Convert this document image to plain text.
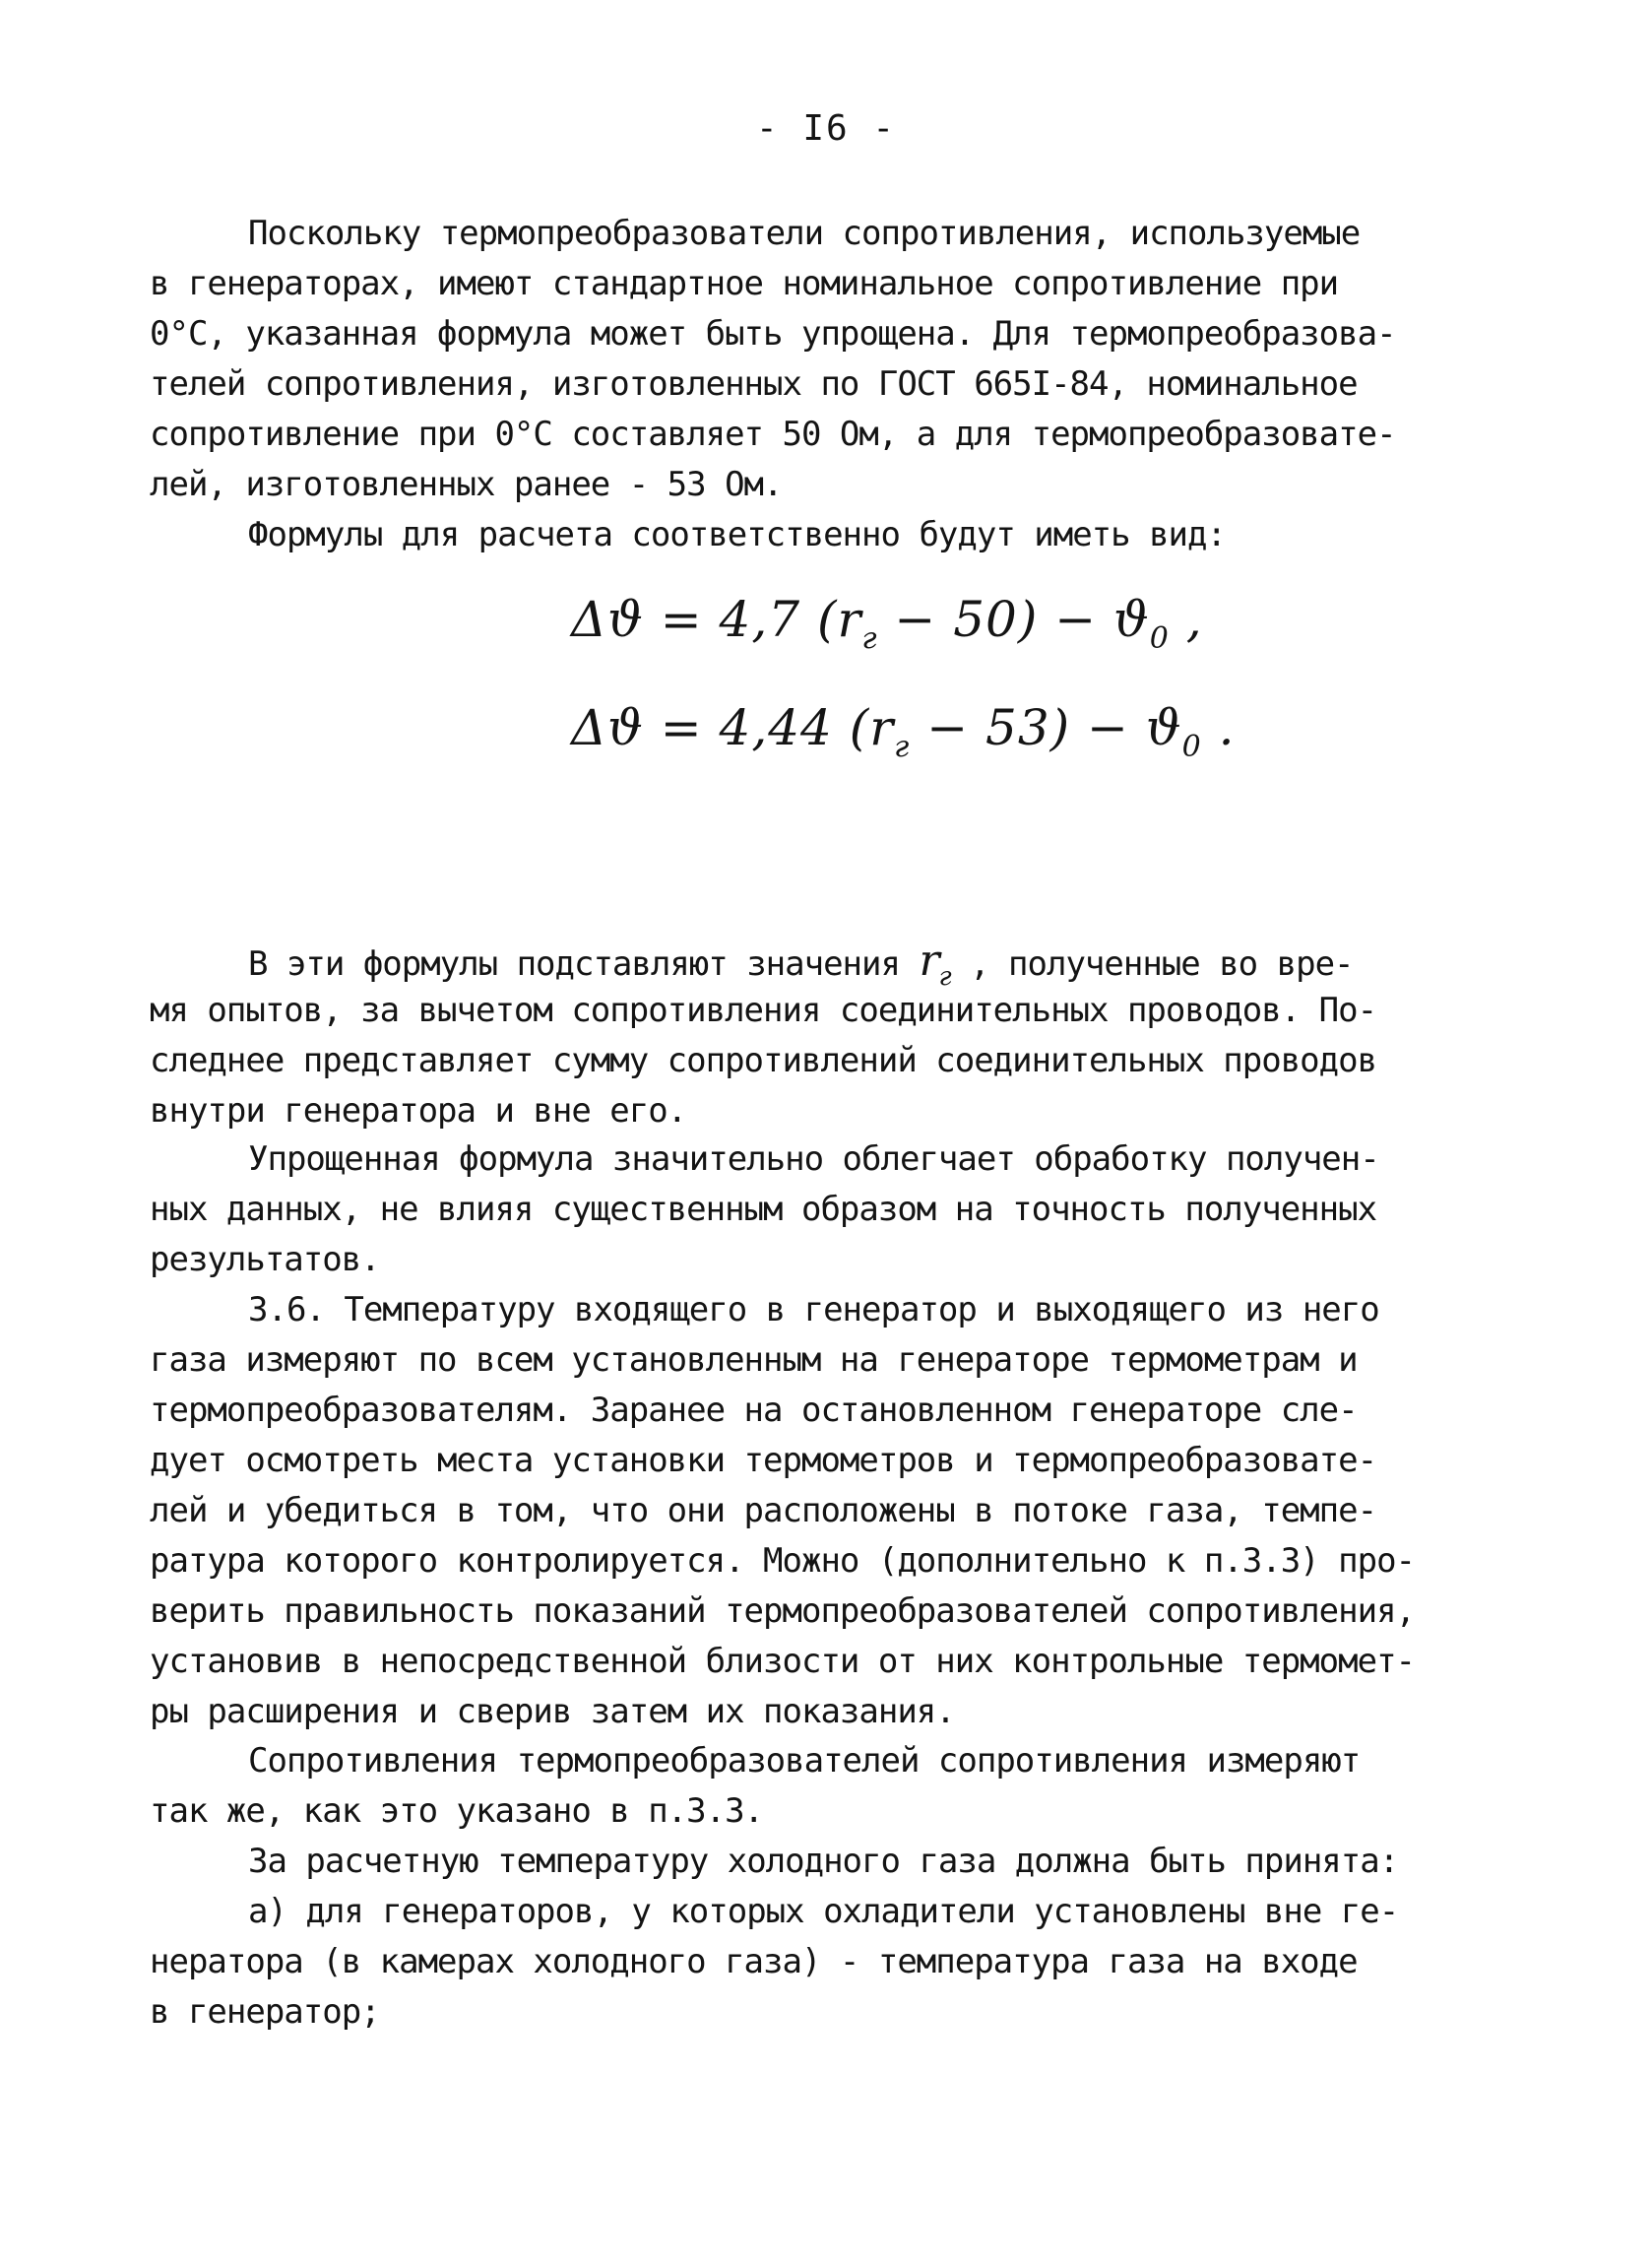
- I6 -
Поскольку термопреобразователи сопротивления, используемые
в генераторах, имеют стандартное номинальное сопротивление при
0°С, указанная формула может быть упрощена. Для термопреобразова-
телей сопротивления, изготовленных по ГОСТ 665I-84, номинальное
сопротивление при 0°С составляет 50 Ом, а для термопреобразовате-
лей, изготовленных ранее - 53 Ом.
Формулы для расчета соответственно будут иметь вид:
Δϑ = 4,7 $(r_г - 50) - ϑ_0$ ,
Δϑ = 4,44 $(r_г - 53) - ϑ_0$ .
В эти формулы подставляют значения $r_г$ , полученные во вре-
мя опытов, за вычетом сопротивления соединительных проводов. По-
следнее представляет сумму сопротивлений соединительных проводов
внутри генератора и вне его.
Упрощенная формула значительно облегчает обработку получен-
ных данных, не влияя существенным образом на точность полученных
результатов.
3.6. Температуру входящего в генератор и выходящего из него
газа измеряют по всем установленным на генераторе термометрам и
термопреобразователям. Заранее на остановленном генераторе сле-
дует осмотреть места установки термометров и термопреобразовате-
лей и убедиться в том, что они расположены в потоке газа, темпе-
ратура которого контролируется. Можно (дополнительно к п.3.3) про-
верить правильность показаний термопреобразователей сопротивления,
установив в непосредственной близости от них контрольные термомет-
ры расширения и сверив затем их показания.
Сопротивления термопреобразователей сопротивления измеряют
так же, как это указано в п.3.3.
За расчетную температуру холодного газа должна быть принята:
а) для генераторов, у которых охладители установлены вне ге-
нератора (в камерах холодного газа) - температура газа на входе
в генератор;
